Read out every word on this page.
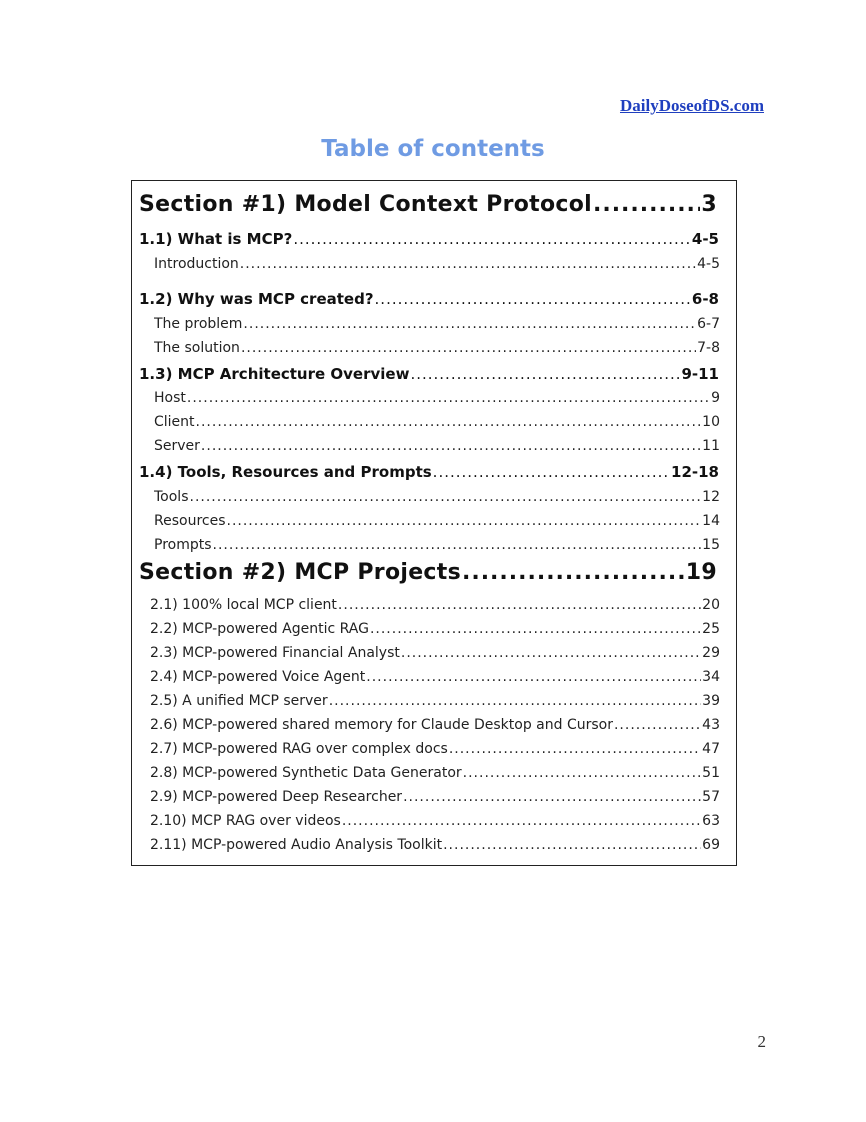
DailyDoseofDS.com
Table of contents
Section #1) Model Context Protocol .....	3
1.1) What is MCP? .....	4-5
Introduction .....	4-5
1.2) Why was MCP created? .....	6-8
The problem .....	6-7
The solution .....	7-8
1.3) MCP Architecture Overview .....	9-11
Host .....	9
Client .....	10
Server .....	11
1.4) Tools, Resources and Prompts .....	12-18
Tools .....	12
Resources .....	14
Prompts .....	15
Section #2) MCP Projects .....	19
2.1) 100% local MCP client .....	20
2.2) MCP-powered Agentic RAG .....	25
2.3) MCP-powered Financial Analyst .....	29
2.4) MCP-powered Voice Agent .....	34
2.5) A unified MCP server .....	39
2.6) MCP-powered shared memory for Claude Desktop and Cursor .....	43
2.7) MCP-powered RAG over complex docs .....	47
2.8) MCP-powered Synthetic Data Generator .....	51
2.9) MCP-powered Deep Researcher .....	57
2.10) MCP RAG over videos .....	63
2.11) MCP-powered Audio Analysis Toolkit .....	69
2
